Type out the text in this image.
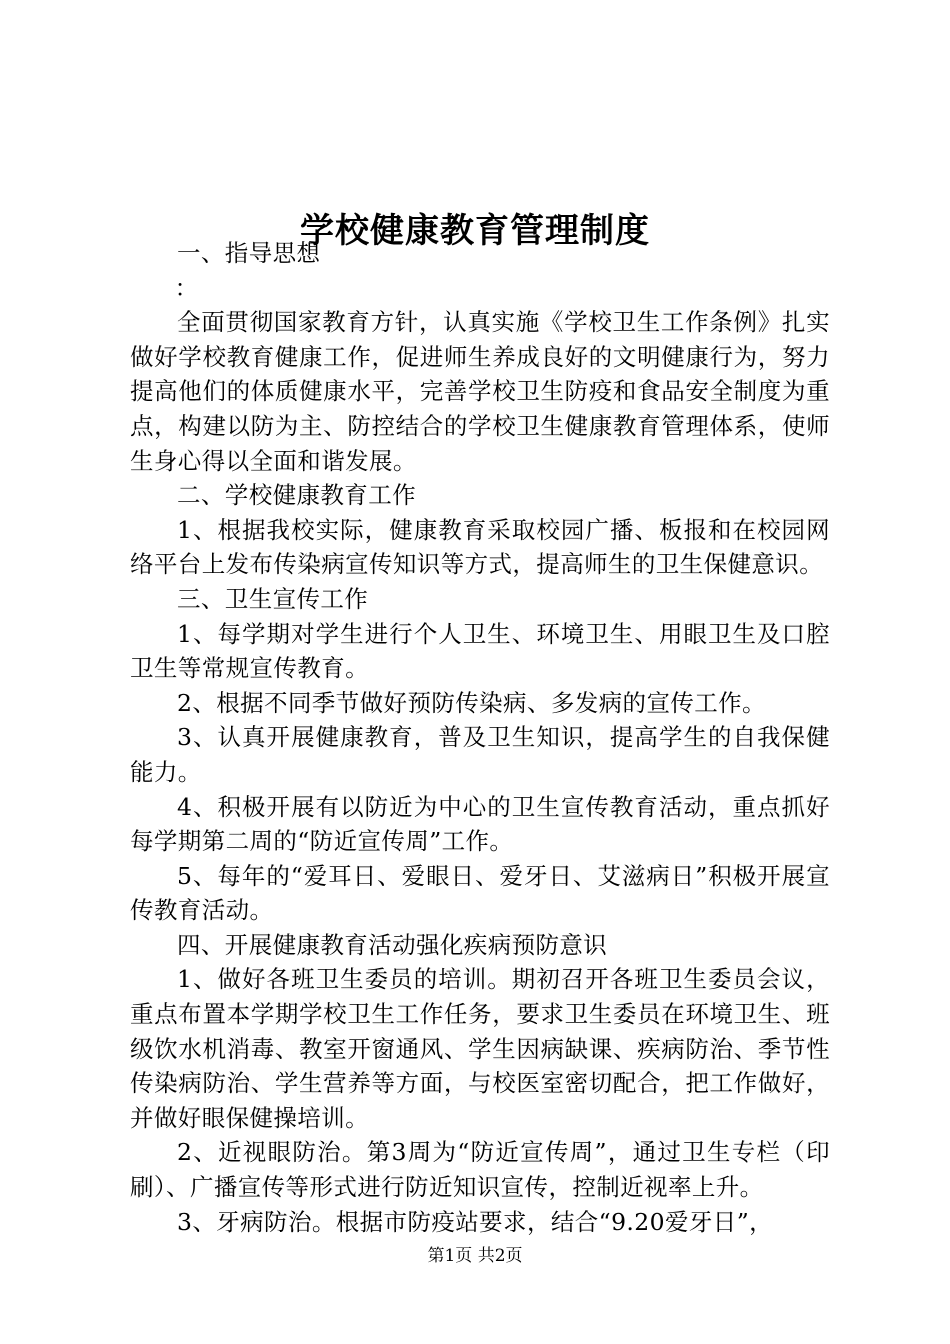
学校健康教育管理制度

一、指导思想

：

全面贯彻国家教育方针，认真实施《学校卫生工作条例》扎实做好学校教育健康工作，促进师生养成良好的文明健康行为，努力提高他们的体质健康水平，完善学校卫生防疫和食品安全制度为重点，构建以防为主、防控结合的学校卫生健康教育管理体系，使师生身心得以全面和谐发展。

二、学校健康教育工作

1、根据我校实际，健康教育采取校园广播、板报和在校园网络平台上发布传染病宣传知识等方式，提高师生的卫生保健意识。

三、卫生宣传工作

1、每学期对学生进行个人卫生、环境卫生、用眼卫生及口腔卫生等常规宣传教育。

2、根据不同季节做好预防传染病、多发病的宣传工作。

3、认真开展健康教育，普及卫生知识，提高学生的自我保健能力。

4、积极开展有以防近为中心的卫生宣传教育活动，重点抓好每学期第二周的“防近宣传周”工作。

5、每年的“爱耳日、爱眼日、爱牙日、艾滋病日”积极开展宣传教育活动。

四、开展健康教育活动强化疾病预防意识

1、做好各班卫生委员的培训。期初召开各班卫生委员会议，重点布置本学期学校卫生工作任务，要求卫生委员在环境卫生、班级饮水机消毒、教室开窗通风、学生因病缺课、疾病防治、季节性传染病防治、学生营养等方面，与校医室密切配合，把工作做好，并做好眼保健操培训。

2、近视眼防治。第3周为“防近宣传周”，通过卫生专栏（印刷）、广播宣传等形式进行防近知识宣传，控制近视率上升。

3、牙病防治。根据市防疫站要求，结合“9.20爱牙日”，

第1页 共2页
